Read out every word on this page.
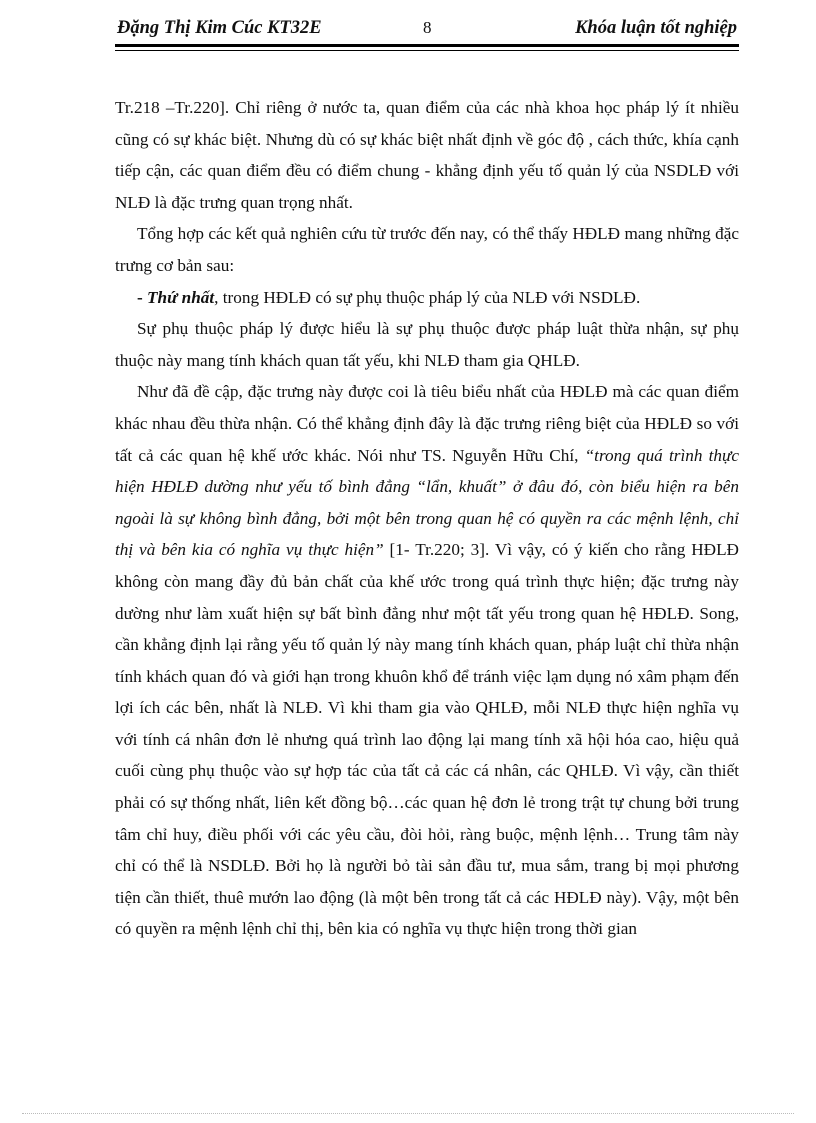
Đặng Thị Kim Cúc KT32E	8	Khóa luận tốt nghiệp

Tr.218 –Tr.220]. Chỉ riêng ở nước ta, quan điểm của các nhà khoa học pháp lý ít nhiều cũng có sự khác biệt. Nhưng dù có sự khác biệt nhất định về góc độ , cách thức, khía cạnh tiếp cận, các quan điểm đều có điểm chung - khẳng định yếu tố quản lý của NSDLĐ với NLĐ là đặc trưng quan trọng nhất.

Tổng hợp các kết quả nghiên cứu từ trước đến nay, có thể thấy HĐLĐ mang những đặc trưng cơ bản sau:

- Thứ nhất, trong HĐLĐ có sự phụ thuộc pháp lý của NLĐ với NSDLĐ.

Sự phụ thuộc pháp lý được hiểu là sự phụ thuộc được pháp luật thừa nhận, sự phụ thuộc này mang tính khách quan tất yếu, khi NLĐ tham gia QHLĐ.

Như đã đề cập, đặc trưng này được coi là tiêu biểu nhất của HĐLĐ mà các quan điểm khác nhau đều thừa nhận. Có thể khẳng định đây là đặc trưng riêng biệt của HĐLĐ so với tất cả các quan hệ khế ước khác. Nói như TS. Nguyễn Hữu Chí, “trong quá trình thực hiện HĐLĐ dường như yếu tố bình đẳng “lẩn, khuất” ở đâu đó, còn biểu hiện ra bên ngoài là sự không bình đẳng, bởi một bên trong quan hệ có quyền ra các mệnh lệnh, chỉ thị và bên kia có nghĩa vụ thực hiện” [1- Tr.220; 3]. Vì vậy, có ý kiến cho rằng HĐLĐ không còn mang đầy đủ bản chất của khế ước trong quá trình thực hiện; đặc trưng này dường như làm xuất hiện sự bất bình đẳng như một tất yếu trong quan hệ HĐLĐ. Song, cần khẳng định lại rằng yếu tố quản lý này mang tính khách quan, pháp luật chỉ thừa nhận tính khách quan đó và giới hạn trong khuôn khổ để tránh việc lạm dụng nó xâm phạm đến lợi ích các bên, nhất là NLĐ. Vì khi tham gia vào QHLĐ, mỗi NLĐ thực hiện nghĩa vụ với tính cá nhân đơn lẻ nhưng quá trình lao động lại mang tính xã hội hóa cao, hiệu quả cuối cùng phụ thuộc vào sự hợp tác của tất cả các cá nhân, các QHLĐ. Vì vậy, cần thiết phải có sự thống nhất, liên kết đồng bộ…các quan hệ đơn lẻ trong trật tự chung bởi trung tâm chỉ huy, điều phối với các yêu cầu, đòi hỏi, ràng buộc, mệnh lệnh… Trung tâm này chỉ có thể là NSDLĐ. Bởi họ là người bỏ tài sản đầu tư, mua sắm, trang bị mọi phương tiện cần thiết, thuê mướn lao động (là một bên trong tất cả các HĐLĐ này). Vậy, một bên có quyền ra mệnh lệnh chỉ thị, bên kia có nghĩa vụ thực hiện trong thời gian
